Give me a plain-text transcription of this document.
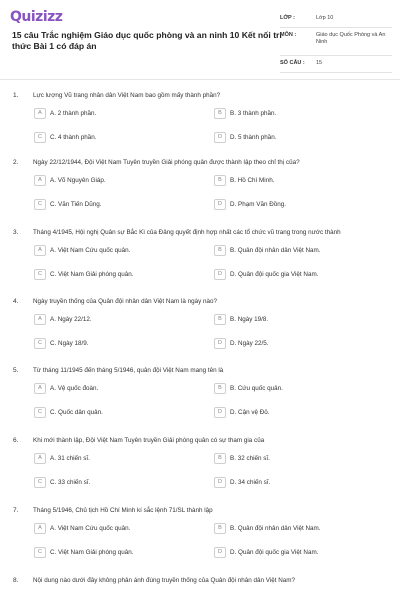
Quizizz
15 câu Trắc nghiệm Giáo dục quốc phòng và an ninh 10 Kết nối tri thức Bài 1 có đáp án
LỚP :	Lớp 10
MÔN :	Giáo dục Quốc Phòng và An Ninh
SỐ CÂU : 15
1. Lực lượng Vũ trang nhân dân Việt Nam bao gồm mấy thành phần?
A	A. 2 thành phần.	B	B. 3 thành phần.
C	C. 4 thành phần.	D	D. 5 thành phần.
2. Ngày 22/12/1944, Đội Việt Nam Tuyên truyền Giải phóng quân được thành lập theo chỉ thị của?
A	A. Võ Nguyên Giáp.	B	B. Hồ Chí Minh.
C	C. Văn Tiến Dũng.	D	D. Phạm Văn Đồng.
3. Tháng 4/1945, Hội nghị Quân sự Bắc Kì của Đảng quyết định hợp nhất các tổ chức vũ trang trong nước thành
A	A. Việt Nam Cứu quốc quân.	B	B. Quân đội nhân dân Việt Nam.
C	C. Việt Nam Giải phóng quân.	D	D. Quân đội quốc gia Việt Nam.
4. Ngày truyền thống của Quân đội nhân dân Việt Nam là ngày nào?
A	A. Ngày 22/12.	B	B. Ngày 19/8.
C	C. Ngày 18/9.	D	D. Ngày 22/5.
5. Từ tháng 11/1945 đến tháng 5/1946, quân đội Việt Nam mang tên là
A	A. Vệ quốc đoàn.	B	B. Cứu quốc quân.
C	C. Quốc dân quân.	D	D. Cận vệ Đỏ.
6. Khi mới thành lập, Đội Việt Nam Tuyên truyền Giải phóng quân có sự tham gia của
A	A. 31 chiến sĩ.	B	B. 32 chiến sĩ.
C	C. 33 chiến sĩ.	D	D. 34 chiến sĩ.
7. Tháng 5/1946, Chủ tịch Hồ Chí Minh kí sắc lệnh 71/SL thành lập
A	A. Việt Nam Cứu quốc quân.	B	B. Quân đội nhân dân Việt Nam.
C	C. Việt Nam Giải phóng quân.	D	D. Quân đội quốc gia Việt Nam.
8. Nội dung nào dưới đây không phản ánh đúng truyền thống của Quân đội nhân dân Việt Nam?
